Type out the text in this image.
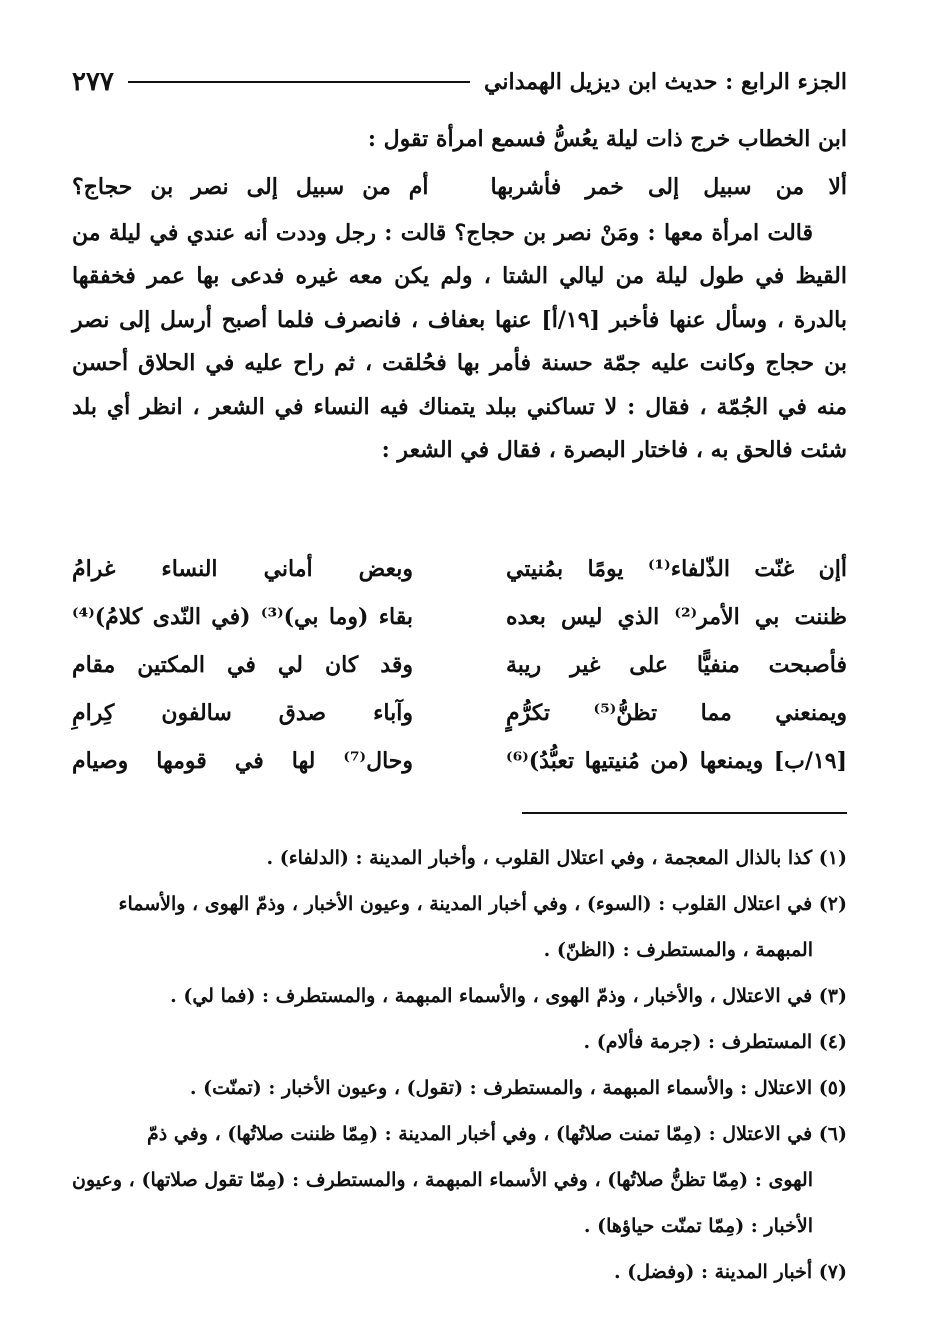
الجزء الرابع : حديث ابن ديزيل الهمداني
٢٧٧

ابن الخطاب خرج ذات ليلة يعُسُّ فسمع امرأة تقول :

ألا من سبيل إلى خمر فأشربها
أم من سبيل إلى نصر بن حجاج؟

قالت امرأة معها : ومَنْ نصر بن حجاج؟ قالت : رجل وددت أنه عندي في ليلة من القيظ في طول ليلة من ليالي الشتا ، ولم يكن معه غيره فدعى بها عمر فخفقها بالدرة ، وسأل عنها فأخبر [١٩/أ] عنها بعفاف ، فانصرف فلما أصبح أرسل إلى نصر بن حجاج وكانت عليه جمّة حسنة فأمر بها فحُلقت ، ثم راح عليه في الحلاق أحسن منه في الجُمّة ، فقال : لا تساكني ببلد يتمناك فيه النساء في الشعر ، انظر أي بلد شئت فالحق به ، فاختار البصرة ، فقال في الشعر :

أإن غنّت الذّلفاء⁽¹⁾ يومًا بمُنيتي
وبعض أماني النساء غرامُ
ظننت بي الأمر⁽²⁾ الذي ليس بعده
بقاء (وما بي)⁽³⁾ (في النّدى كلامُ)⁽⁴⁾
فأصبحت منفيًّا على غير ريبة
وقد كان لي في المكتين مقام
ويمنعني مما تظنُّ⁽⁵⁾ تكرُّمٍ
وآباء صدق سالفون كِرامِ
[١٩/ب] ويمنعها (من مُنيتيها تعبُّدُ)⁽⁶⁾
وحال⁽⁷⁾ لها في قومها وصيام

(١) كذا بالذال المعجمة ، وفي اعتلال القلوب ، وأخبار المدينة : (الدلفاء) .

(٢) في اعتلال القلوب : (السوء) ، وفي أخبار المدينة ، وعيون الأخبار ، وذمّ الهوى ، والأسماء
المبهمة ، والمستطرف : (الظنّ) .

(٣) في الاعتلال ، والأخبار ، وذمّ الهوى ، والأسماء المبهمة ، والمستطرف : (فما لي) .

(٤) المستطرف : (جرمة فألام) .

(٥) الاعتلال : والأسماء المبهمة ، والمستطرف : (تقول) ، وعيون الأخبار : (تمنّت) .

(٦) في الاعتلال : (مِمّا تمنت صلاتُها) ، وفي أخبار المدينة : (مِمّا ظننت صلاتُها) ، وفي ذمّ
الهوى : (مِمّا تظنُّ صلاتُها) ، وفي الأسماء المبهمة ، والمستطرف : (مِمّا تقول صلاتها) ، وعيون الأخبار : (مِمّا تمنّت حياؤها) .

(٧) أخبار المدينة : (وفضل) .
